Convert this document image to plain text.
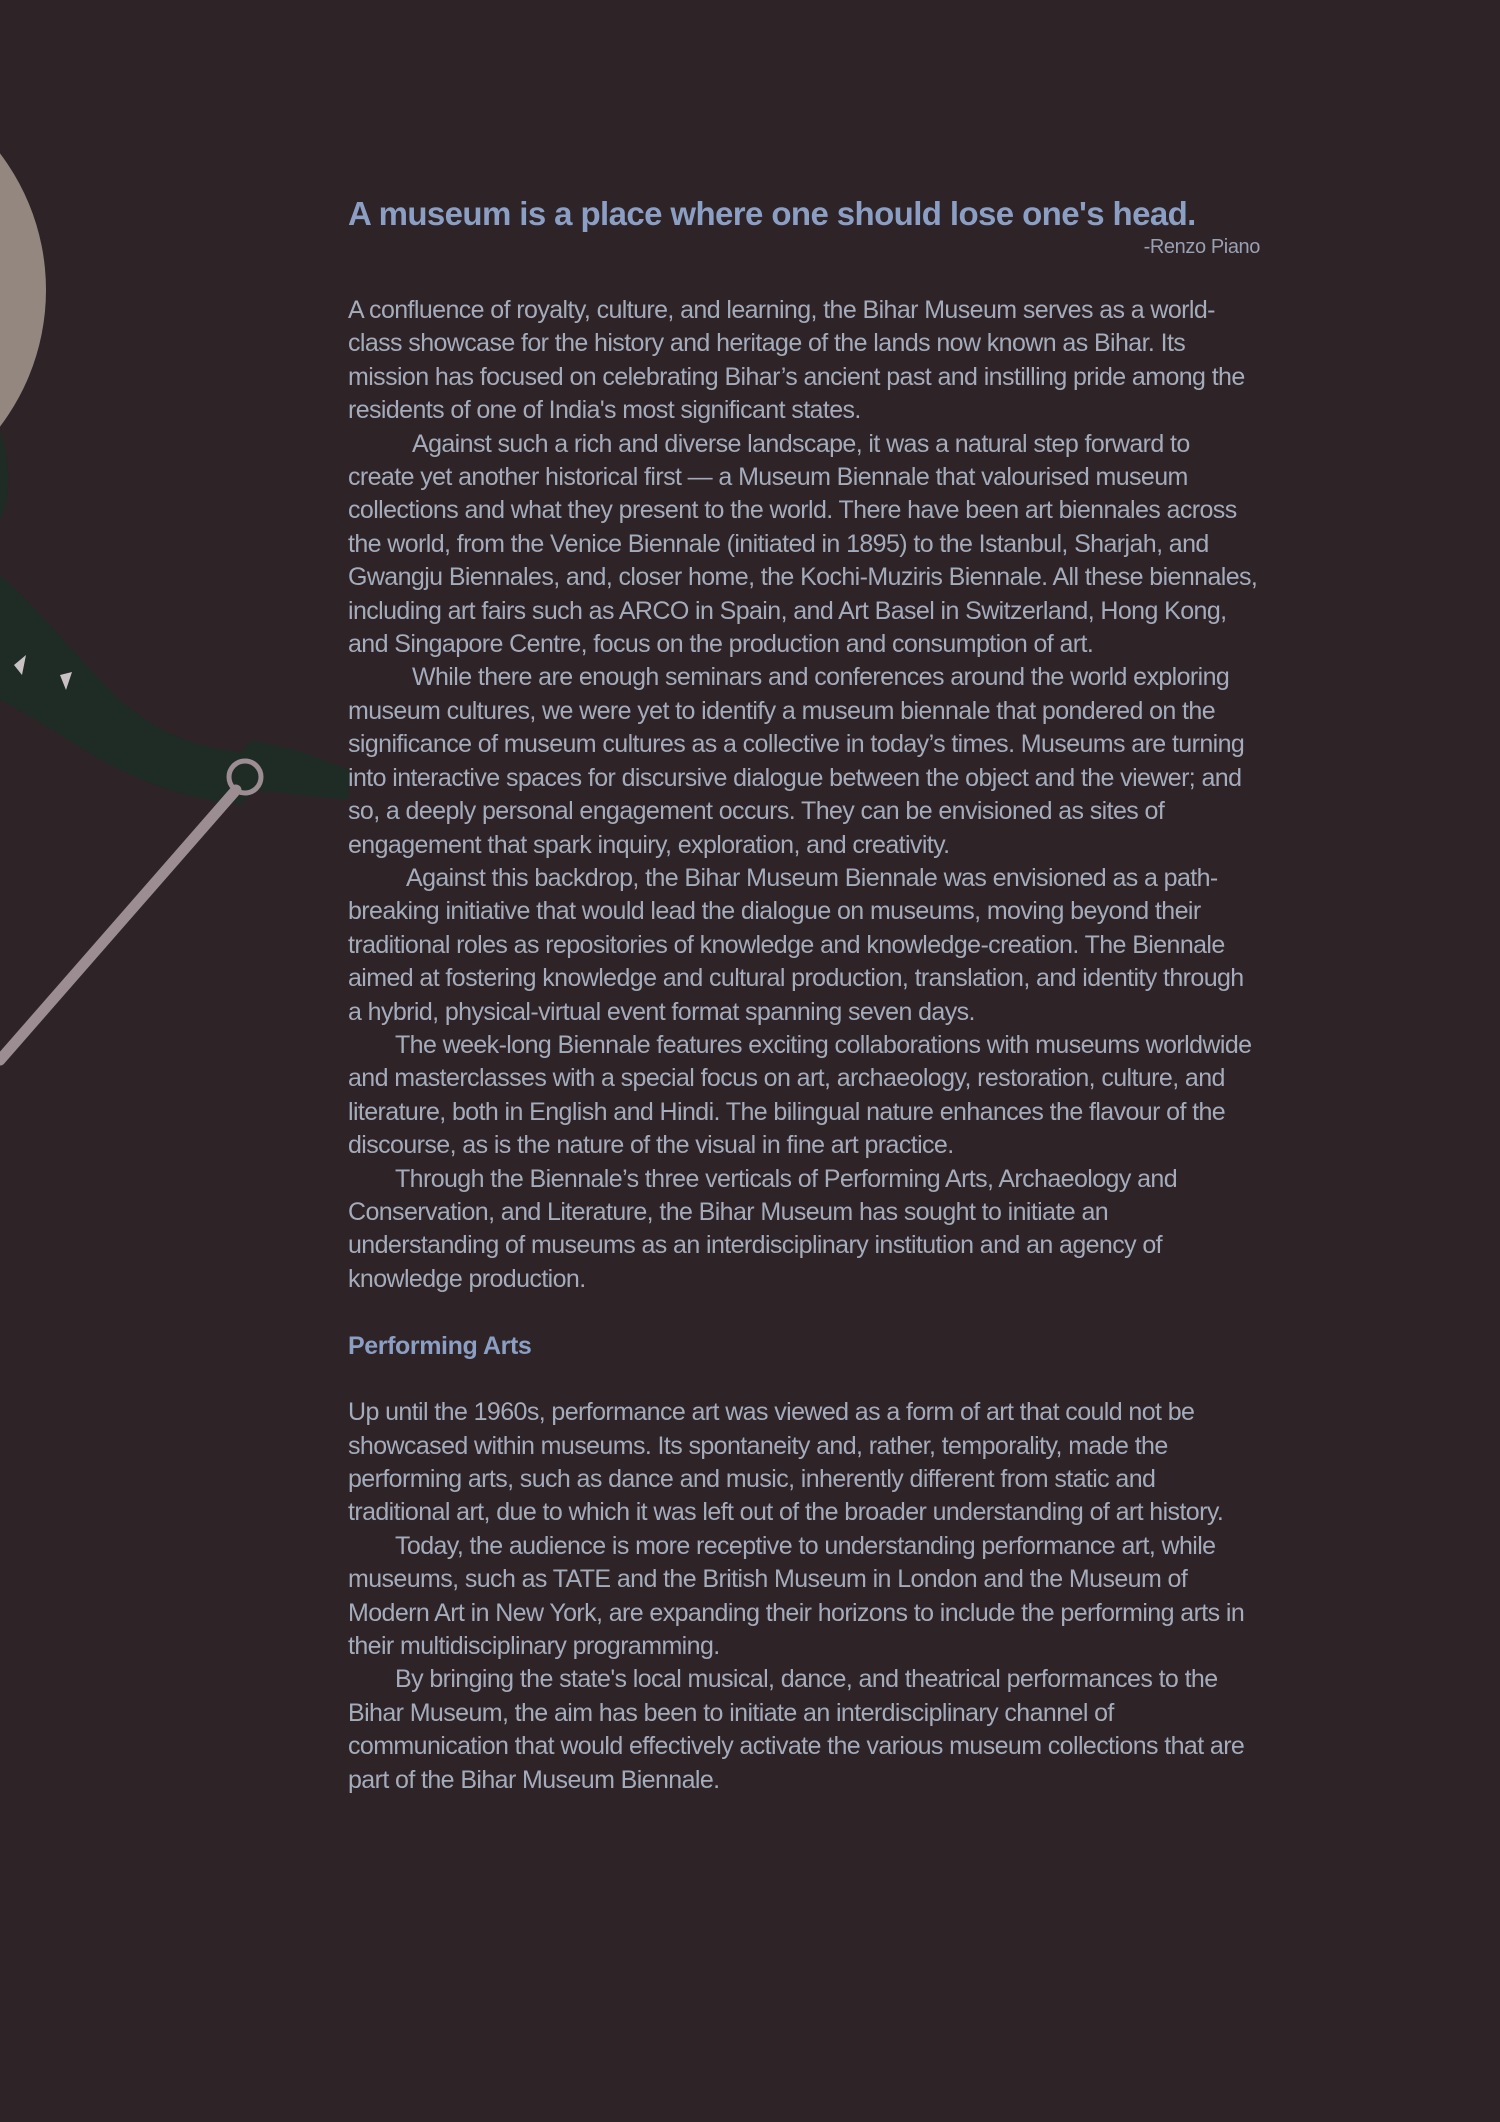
A museum is a place where one should lose one's head.
-Renzo Piano

A confluence of royalty, culture, and learning, the Bihar Museum serves as a world-class showcase for the history and heritage of the lands now known as Bihar. Its mission has focused on celebrating Bihar’s ancient past and instilling pride among the residents of one of India's most significant states.

Against such a rich and diverse landscape, it was a natural step forward to create yet another historical first — a Museum Biennale that valourised museum collections and what they present to the world. There have been art biennales across the world, from the Venice Biennale (initiated in 1895) to the Istanbul, Sharjah, and Gwangju Biennales, and, closer home, the Kochi-Muziris Biennale. All these biennales, including art fairs such as ARCO in Spain, and Art Basel in Switzerland, Hong Kong, and Singapore Centre, focus on the production and consumption of art.

While there are enough seminars and conferences around the world exploring museum cultures, we were yet to identify a museum biennale that pondered on the significance of museum cultures as a collective in today’s times. Museums are turning into interactive spaces for discursive dialogue between the object and the viewer; and so, a deeply personal engagement occurs. They can be envisioned as sites of engagement that spark inquiry, exploration, and creativity.

Against this backdrop, the Bihar Museum Biennale was envisioned as a path-breaking initiative that would lead the dialogue on museums, moving beyond their traditional roles as repositories of knowledge and knowledge-creation. The Biennale aimed at fostering knowledge and cultural production, translation, and identity through a hybrid, physical-virtual event format spanning seven days.

The week-long Biennale features exciting collaborations with museums worldwide and masterclasses with a special focus on art, archaeology, restoration, culture, and literature, both in English and Hindi. The bilingual nature enhances the flavour of the discourse, as is the nature of the visual in fine art practice.

Through the Biennale’s three verticals of Performing Arts, Archaeology and Conservation, and Literature, the Bihar Museum has sought to initiate an understanding of museums as an interdisciplinary institution and an agency of knowledge production.

Performing Arts

Up until the 1960s, performance art was viewed as a form of art that could not be showcased within museums. Its spontaneity and, rather, temporality, made the performing arts, such as dance and music, inherently different from static and traditional art, due to which it was left out of the broader understanding of art history.

Today, the audience is more receptive to understanding performance art, while museums, such as TATE and the British Museum in London and the Museum of Modern Art in New York, are expanding their horizons to include the performing arts in their multidisciplinary programming.

By bringing the state's local musical, dance, and theatrical performances to the Bihar Museum, the aim has been to initiate an interdisciplinary channel of communication that would effectively activate the various museum collections that are part of the Bihar Museum Biennale.
